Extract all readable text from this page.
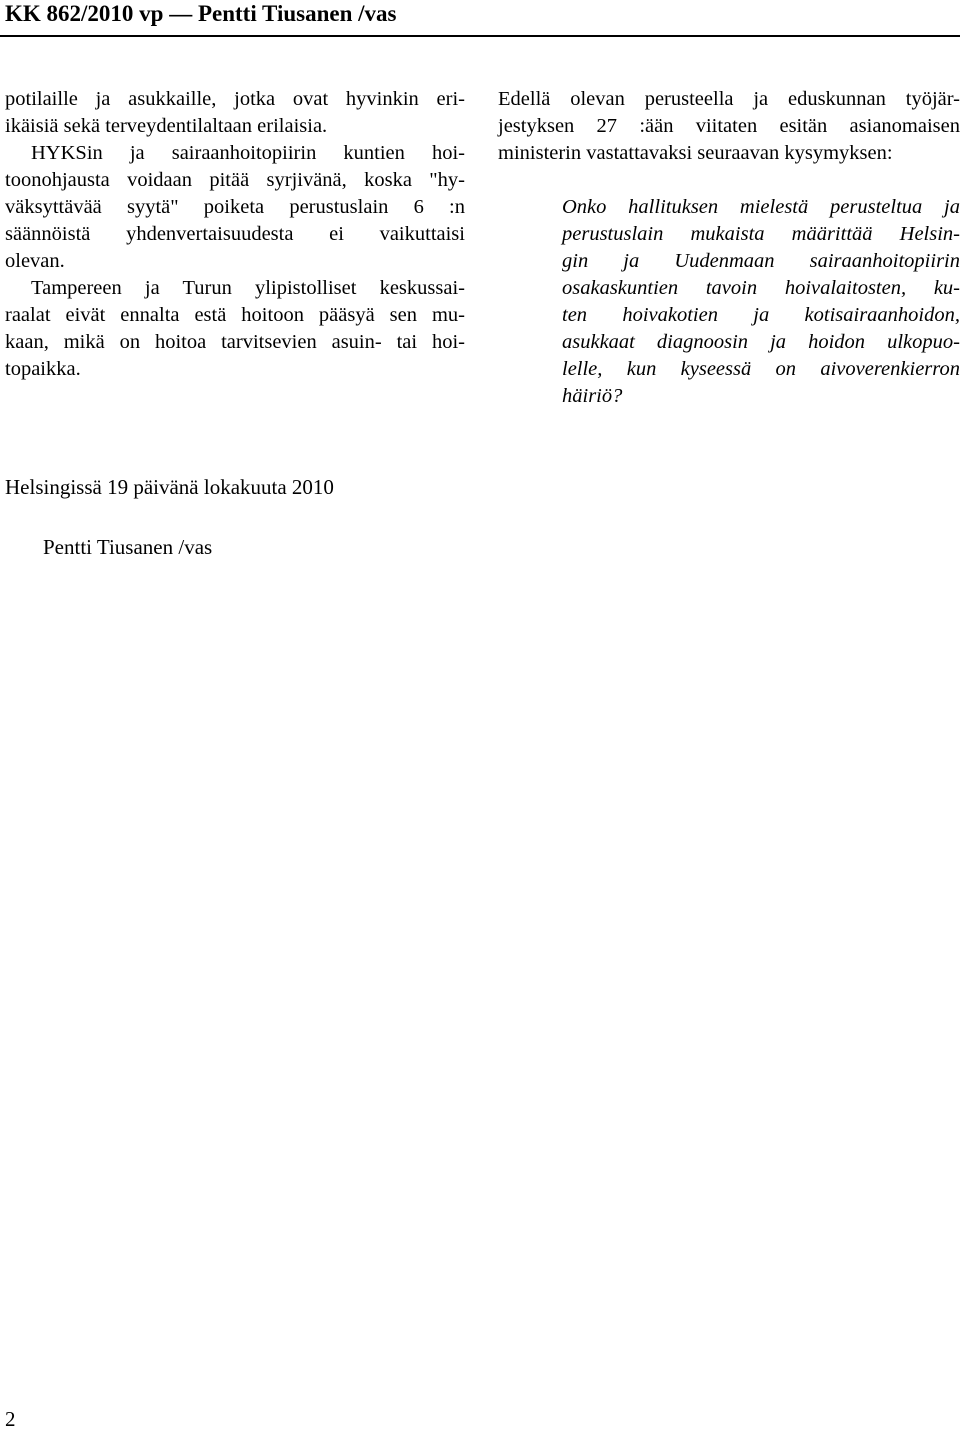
KK 862/2010 vp — Pentti Tiusanen /vas
potilaille ja asukkaille, jotka ovat hyvinkin eri-
ikäisiä sekä terveydentilaltaan erilaisia.
HYKSin ja sairaanhoitopiirin kuntien hoi-
toonohjausta voidaan pitää syrjivänä, koska "hy-
väksyttävää syytä" poiketa perustuslain 6 :n
säännöistä yhdenvertaisuudesta ei vaikuttaisi
olevan.
Tampereen ja Turun ylipistolliset keskussai-
raalat eivät ennalta estä hoitoon pääsyä sen mu-
kaan, mikä on hoitoa tarvitsevien asuin- tai hoi-
topaikka.
Edellä olevan perusteella ja eduskunnan työjär-
jestyksen 27 :ään viitaten esitän asianomaisen
ministerin vastattavaksi seuraavan kysymyksen:
Onko hallituksen mielestä perusteltua ja
perustuslain mukaista määrittää Helsin-
gin ja Uudenmaan sairaanhoitopiirin
osakaskuntien tavoin hoivalaitosten, ku-
ten hoivakotien ja kotisairaanhoidon,
asukkaat diagnoosin ja hoidon ulkopuo-
lelle, kun kyseessä on aivoverenkierron
häiriö?
Helsingissä 19 päivänä lokakuuta 2010
Pentti Tiusanen /vas
2
